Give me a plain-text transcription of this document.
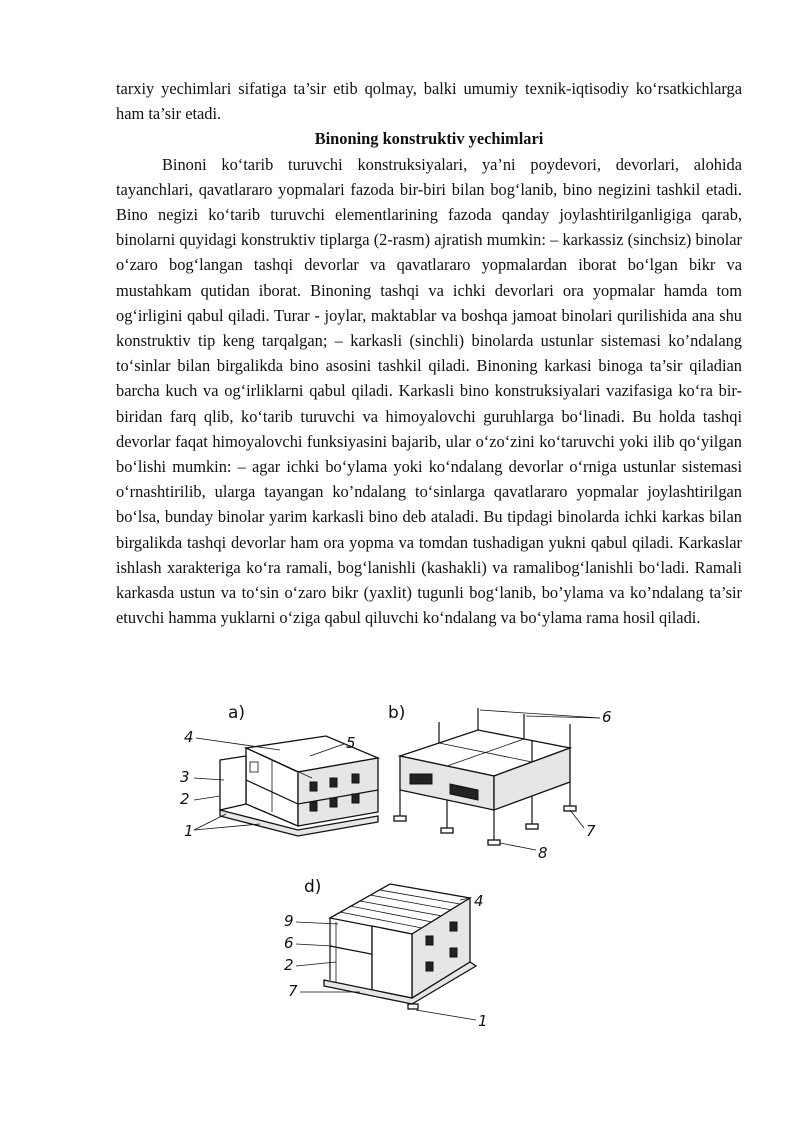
tarxiy yechimlari sifatiga ta’sir etib qolmay, balki umumiy texnik-iqtisodiy ko‘rsatkichlarga ham ta’sir etadi.

Binoning konstruktiv yechimlari

Binoni ko‘tarib turuvchi konstruksiyalari, ya’ni poydevori, devorlari, alohida tayanchlari, qavatlararo yopmalari fazoda bir-biri bilan bog‘lanib, bino negizini tashkil etadi. Bino negizi ko‘tarib turuvchi elementlarining fazoda qanday joylashtirilganligiga qarab, binolarni quyidagi konstruktiv tiplarga (2-rasm) ajratish mumkin: – karkassiz (sinchsiz) binolar o‘zaro bog‘langan tashqi devorlar va qavatlararo yopmalardan iborat bo‘lgan bikr va mustahkam qutidan iborat. Binoning tashqi va ichki devorlari ora yopmalar hamda tom og‘irligini qabul qiladi. Turar - joylar, maktablar va boshqa jamoat binolari qurilishida ana shu konstruktiv tip keng tarqalgan; – karkasli (sinchli) binolarda ustunlar sistemasi ko’ndalang to‘sinlar bilan birgalikda bino asosini tashkil qiladi. Binoning karkasi binoga ta’sir qiladian barcha kuch va og‘irliklarni qabul qiladi. Karkasli bino konstruksiyalari vazifasiga ko‘ra bir-biridan farq qlib, ko‘tarib turuvchi va himoyalovchi guruhlarga bo‘linadi. Bu holda tashqi devorlar faqat himoyalovchi funksiyasini bajarib, ular o‘zo‘zini ko‘taruvchi yoki ilib qo‘yilgan bo‘lishi mumkin: – agar ichki bo‘ylama yoki ko‘ndalang devorlar o‘rniga ustunlar sistemasi o‘rnashtirilib, ularga tayangan ko’ndalang to‘sinlarga qavatlararo yopmalar joylashtirilgan bo‘lsa, bunday binolar yarim karkasli bino deb ataladi. Bu tipdagi binolarda ichki karkas bilan birgalikda tashqi devorlar ham ora yopma va tomdan tushadigan yukni qabul qiladi. Karkaslar ishlash xarakteriga ko‘ra ramali, bog‘lanishli (kashakli) va ramalibog‘lanishli bo‘ladi. Ramali karkasda ustun va to‘sin o‘zaro bikr (yaxlit) tugunli bog‘lanib, bo’ylama va ko’ndalang ta’sir etuvchi hamma yuklarni o‘ziga qabul qiluvchi ko‘ndalang va bo‘ylama rama hosil qiladi.

a)
4	5
3
2
1
b)	6
7
8
d)
9
6
2
7
4
1
